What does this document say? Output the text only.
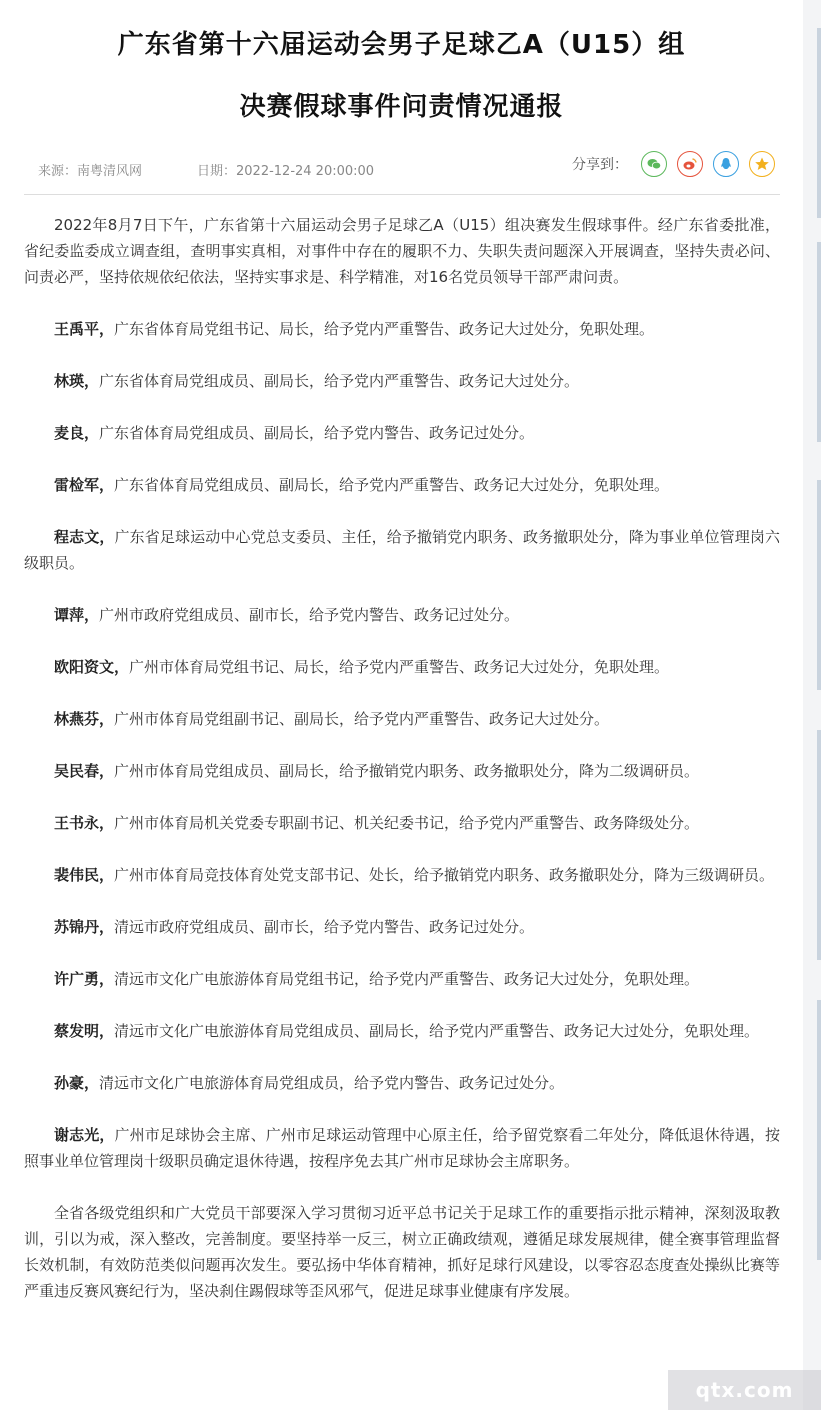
广东省第十六届运动会男子足球乙A（U15）组
决赛假球事件问责情况通报
来源：南粤清风网	日期：2022-12-24 20:00:00	分享到：

2022年8月7日下午，广东省第十六届运动会男子足球乙A（U15）组决赛发生假球事件。经广东省委批准，省纪委监委成立调查组，查明事实真相，对事件中存在的履职不力、失职失责问题深入开展调查，坚持失责必问、问责必严，坚持依规依纪依法，坚持实事求是、科学精准，对16名党员领导干部严肃问责。

王禹平，广东省体育局党组书记、局长，给予党内严重警告、政务记大过处分，免职处理。

林瑛，广东省体育局党组成员、副局长，给予党内严重警告、政务记大过处分。

麦良，广东省体育局党组成员、副局长，给予党内警告、政务记过处分。

雷检军，广东省体育局党组成员、副局长，给予党内严重警告、政务记大过处分，免职处理。

程志文，广东省足球运动中心党总支委员、主任，给予撤销党内职务、政务撤职处分，降为事业单位管理岗六级职员。

谭萍，广州市政府党组成员、副市长，给予党内警告、政务记过处分。

欧阳资文，广州市体育局党组书记、局长，给予党内严重警告、政务记大过处分，免职处理。

林燕芬，广州市体育局党组副书记、副局长，给予党内严重警告、政务记大过处分。

吴民春，广州市体育局党组成员、副局长，给予撤销党内职务、政务撤职处分，降为二级调研员。

王书永，广州市体育局机关党委专职副书记、机关纪委书记，给予党内严重警告、政务降级处分。

裴伟民，广州市体育局竞技体育处党支部书记、处长，给予撤销党内职务、政务撤职处分，降为三级调研员。

苏锦丹，清远市政府党组成员、副市长，给予党内警告、政务记过处分。

许广勇，清远市文化广电旅游体育局党组书记，给予党内严重警告、政务记大过处分，免职处理。

蔡发明，清远市文化广电旅游体育局党组成员、副局长，给予党内严重警告、政务记大过处分，免职处理。

孙豪，清远市文化广电旅游体育局党组成员，给予党内警告、政务记过处分。

谢志光，广州市足球协会主席、广州市足球运动管理中心原主任，给予留党察看二年处分，降低退休待遇，按照事业单位管理岗十级职员确定退休待遇，按程序免去其广州市足球协会主席职务。

全省各级党组织和广大党员干部要深入学习贯彻习近平总书记关于足球工作的重要指示批示精神，深刻汲取教训，引以为戒，深入整改，完善制度。要坚持举一反三，树立正确政绩观，遵循足球发展规律，健全赛事管理监督长效机制，有效防范类似问题再次发生。要弘扬中华体育精神，抓好足球行风建设，以零容忍态度查处操纵比赛等严重违反赛风赛纪行为，坚决刹住踢假球等歪风邪气，促进足球事业健康有序发展。

qtx.com
